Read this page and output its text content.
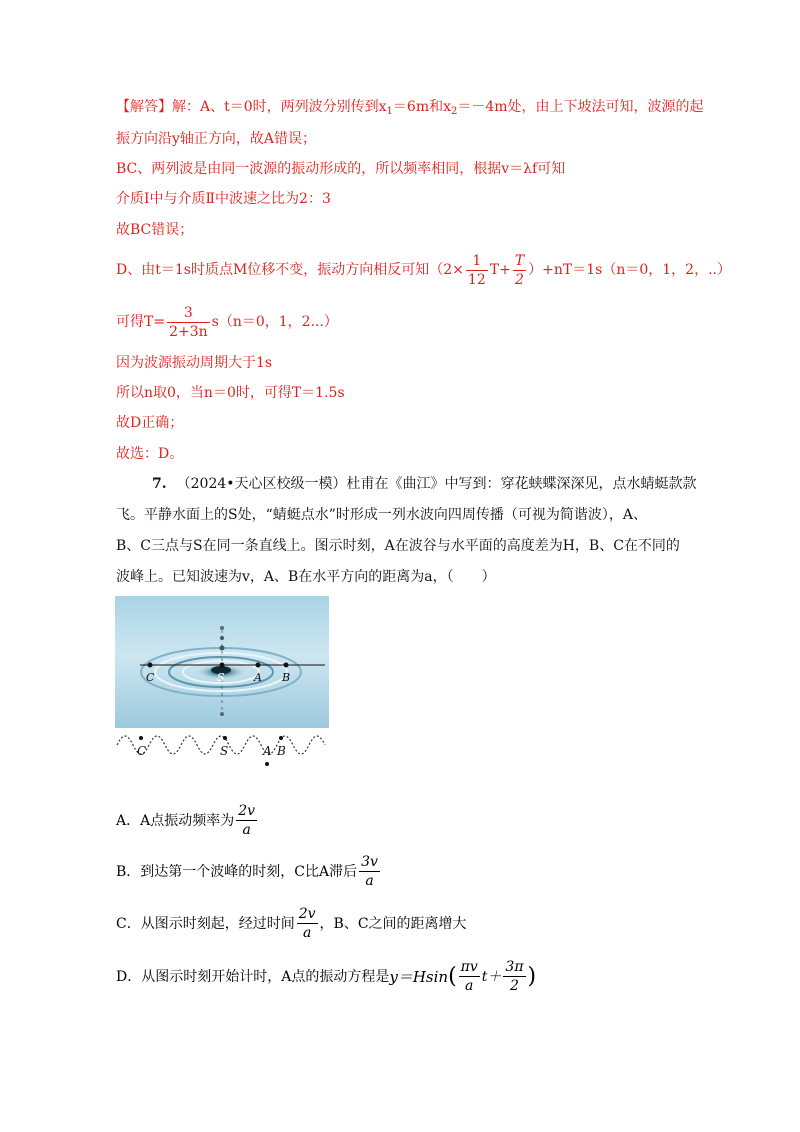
【解答】解：A、t＝0时，两列波分别传到$x_1=6m$和$x_2=-4m$处，由上下坡法可知，波源的起
振方向沿y轴正方向，故A错误；
BC、两列波是由同一波源的振动形成的，所以频率相同，根据v＝λf可知
介质Ⅰ中与介质Ⅱ中波速之比为2：3
故BC错误；
D、由t＝1s时质点M位移不变，振动方向相反可知$(2\times \frac{1}{12} T+ \frac{T}{2} )+nT=1s(n=0$，1，2，..）
可得$T= \frac{3}{2+3n} s(n=0$，1，2...）
因为波源振动周期大于1s
所以n取0，当n＝0时，可得T＝1.5s
故D正确；
故选：D。
7. （2024•天心区校级一模）杜甫在《曲江》中写到：穿花蛱蝶深深见，点水蜻蜓款款
飞。平静水面上的S处，“蜻蜓点水”时形成一列水波向四周传播（可视为简谐波），A、
B、C三点与S在同一条直线上。图示时刻，A在波谷与水平面的高度差为H，B、C在不同的
波峰上。已知波速为v，A、B在水平方向的距离为a，（　　）
C	S	A B
C	S	A B
A．A点振动频率为 $\frac{2v}{a}$
B．到达第一个波峰的时刻，C比A滞后 $\frac{3v}{a}$
C．从图示时刻起，经过时间 $\frac{2v}{a}$ ，B、C之间的距离增大
D．从图示时刻开始计时，A点的振动方程是 y＝Hsin ( $\frac{\pi v}{a} t+ \frac{3\pi}{2}$ )
